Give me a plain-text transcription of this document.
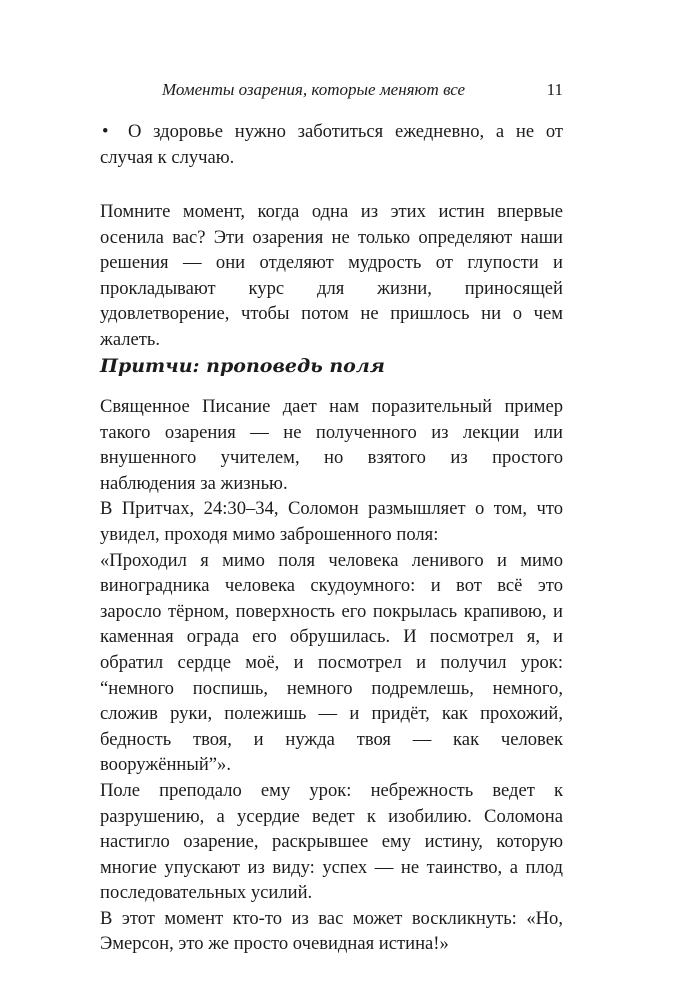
Моменты озарения, которые меняют все	11
• О здоровье нужно заботиться ежедневно, а не от случая к случаю.

Помните момент, когда одна из этих истин впервые осенила вас? Эти озарения не только определяют наши решения — они отделяют мудрость от глупости и прокладывают курс для жизни, приносящей удовлетворение, чтобы потом не пришлось ни о чем жалеть.

Притчи: проповедь поля

Священное Писание дает нам поразительный пример такого озарения — не полученного из лекции или внушенного учителем, но взятого из простого наблюдения за жизнью.

В Притчах, 24:30–34, Соломон размышляет о том, что увидел, проходя мимо заброшенного поля:

«Проходил я мимо поля человека ленивого и мимо виноградника человека скудоумного: и вот всё это заросло тёрном, поверхность его покрылась крапивою, и каменная ограда его обрушилась. И посмотрел я, и обратил сердце моё, и посмотрел и получил урок: “немного поспишь, немного подремлешь, немного, сложив руки, полежишь — и придёт, как прохожий, бедность твоя, и нужда твоя — как человек вооружённый”».

Поле преподало ему урок: небрежность ведет к разрушению, а усердие ведет к изобилию. Соломона настигло озарение, раскрывшее ему истину, которую многие упускают из виду: успех — не таинство, а плод последовательных усилий.

В этот момент кто-то из вас может воскликнуть: «Но, Эмерсон, это же просто очевидная истина!»
